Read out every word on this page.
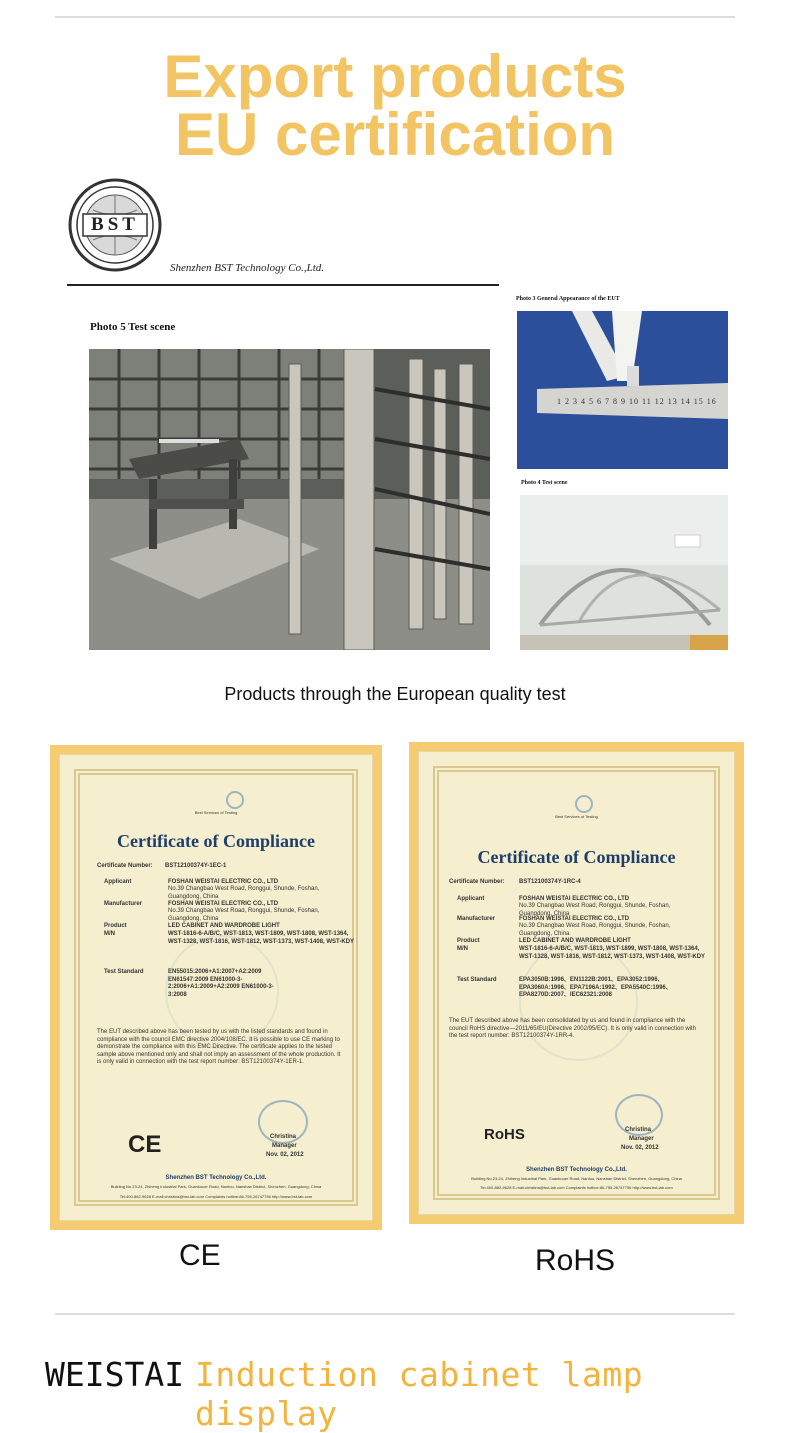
Export products
EU certification
BST
Shenzhen BST Technology Co.,Ltd.
Photo 5 Test scene
Photo 3 General Appearance of the EUT
1 2 3 4 5 6 7 8 9 10 11 12 13 14 15 16
Photo 4 Test scene
Products through the European quality test
Best Services of Testing
Certificate of Compliance
Certificate Number: BST12100374Y-1EC-1
Applicant	FOSHAN WEISTAI ELECTRIC CO., LTD
No.39 Changbao West Road, Ronggui, Shunde, Foshan, Guangdong, China
Manufacturer	FOSHAN WEISTAI ELECTRIC CO., LTD
No.39 Changbao West Road, Ronggui, Shunde, Foshan, Guangdong, China
Product	LED CABINET AND WARDROBE LIGHT
M/N	WST-1816-6-A/B/C, WST-1813, WST-1809, WST-1808, WST-1364, WST-1328, WST-1816, WST-1812, WST-1373, WST-1408, WST-KDY
Test Standard	EN55015:2006+A1:2007+A2:2009 EN61547:2009 EN61000-3-2:2006+A1:2009+A2:2009 EN61000-3-3:2008
The EUT described above has been tested by us with the listed standards and found in compliance with the council EMC directive 2004/108/EC. It is possible to use CE marking to demonstrate the compliance with this EMC Directive. The certificate applies to the tested sample above mentioned only and shall not imply an assessment of the whole production. It is only valid in connection with the test report number: BST12100374Y-1ER-1.
CE	Christina
Manager
Nov. 02, 2012
Shenzhen BST Technology Co.,Ltd.
Building No.23-24, Zhiheng Industrial Park, Guankouer Road, Nantou, Nanshan District, Shenzhen, Guangdong, China
Tel:400-882-9628 E-mail:christina@bst-lab.com Complaints hotline:86-755-26747756 http://www.bst-lab.com
Best Services of Testing
Certificate of Compliance
Certificate Number: BST12100374Y-1RC-4
Applicant	FOSHAN WEISTAI ELECTRIC CO., LTD
No.39 Changbao West Road, Ronggui, Shunde, Foshan, Guangdong, China
Manufacturer	FOSHAN WEISTAI ELECTRIC CO., LTD
No.39 Changbao West Road, Ronggui, Shunde, Foshan, Guangdong, China
Product	LED CABINET AND WARDROBE LIGHT
M/N	WST-1816-6-A/B/C, WST-1813, WST-1899, WST-1808, WST-1364, WST-1328, WST-1816, WST-1812, WST-1373, WST-1408, WST-KDY
Test Standard	EPA3050B:1996、EN1122B:2001、EPA3052:1996、EPA3060A:1996、EPA7196A:1992、EPA5540C:1996、EPA8270D:2007、IEC62321:2008
The EUT described above has been consolidated by us and found in compliance with the council RoHS directive—2011/65/EU(Directive 2002/95/EC). It is only valid in connection with the test report number: BST12100374Y-1RR-4.
RoHS	Christina
Manager
Nov. 02, 2012
Shenzhen BST Technology Co.,Ltd.
Building No.23-24, Zhiheng Industrial Park, Guankouer Road, Nantou, Nanshan District, Shenzhen, Guangdong, China
Tel:400-882-9628 E-mail:christina@bst-lab.com Complaints hotline:86-755-26747756 http://www.bst-lab.com
CE	RoHS
WEISTAI Induction cabinet lamp display
